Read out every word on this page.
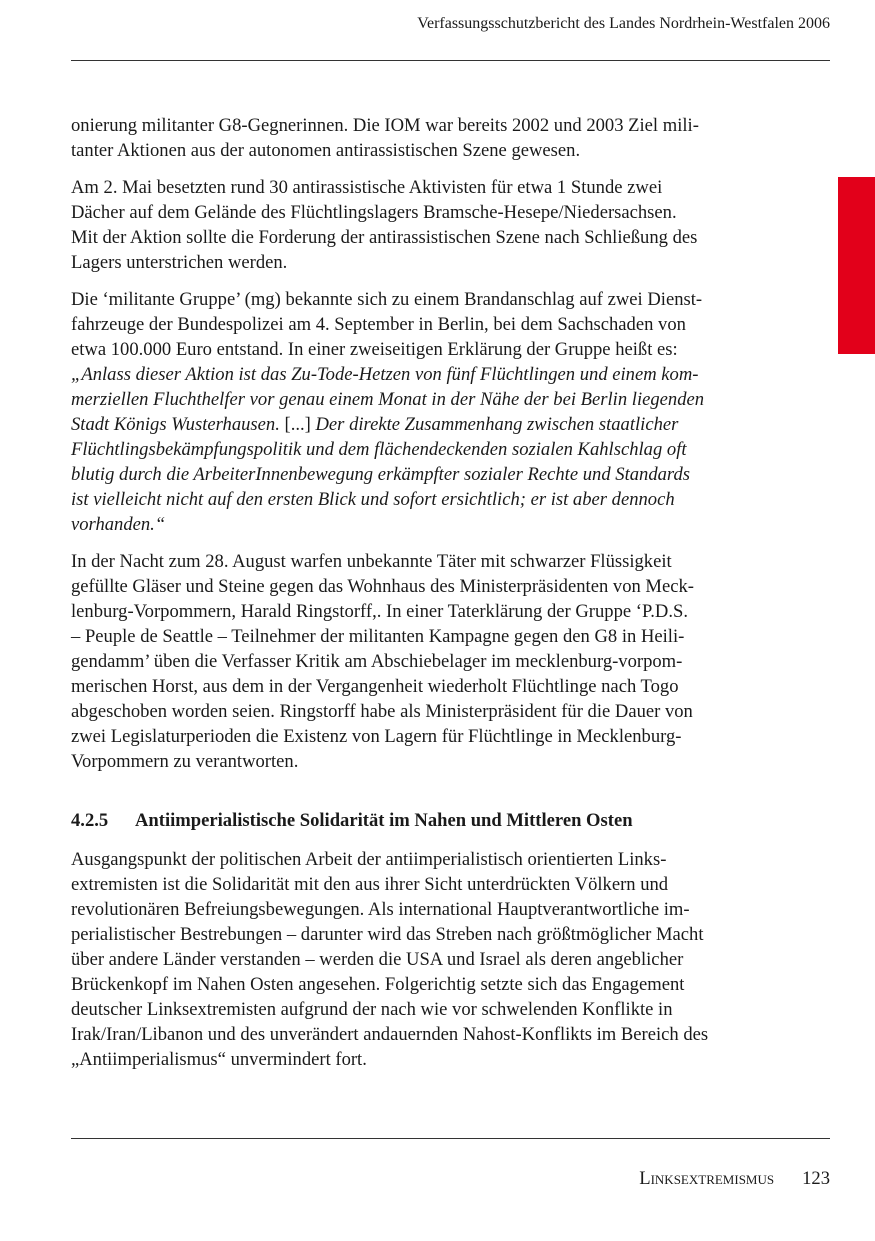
Verfassungsschutzbericht des Landes Nordrhein-Westfalen 2006

onierung militanter G8-Gegnerinnen. Die IOM war bereits 2002 und 2003 Ziel mili-
tanter Aktionen aus der autonomen antirassistischen Szene gewesen.

Am 2. Mai besetzten rund 30 antirassistische Aktivisten für etwa 1 Stunde zwei
Dächer auf dem Gelände des Flüchtlingslagers Bramsche-Hesepe/Niedersachsen.
Mit der Aktion sollte die Forderung der antirassistischen Szene nach Schließung des
Lagers unterstrichen werden.

Die ‘militante Gruppe’ (mg) bekannte sich zu einem Brandanschlag auf zwei Dienst-
fahrzeuge der Bundespolizei am 4. September in Berlin, bei dem Sachschaden von
etwa 100.000 Euro entstand. In einer zweiseitigen Erklärung der Gruppe heißt es:
„Anlass dieser Aktion ist das Zu-Tode-Hetzen von fünf Flüchtlingen und einem kom-
merziellen Fluchthelfer vor genau einem Monat in der Nähe der bei Berlin liegenden
Stadt Königs Wusterhausen. [...] Der direkte Zusammenhang zwischen staatlicher
Flüchtlingsbekämpfungspolitik und dem flächendeckenden sozialen Kahlschlag oft
blutig durch die ArbeiterInnenbewegung erkämpfter sozialer Rechte und Standards
ist vielleicht nicht auf den ersten Blick und sofort ersichtlich; er ist aber dennoch
vorhanden.“

In der Nacht zum 28. August warfen unbekannte Täter mit schwarzer Flüssigkeit
gefüllte Gläser und Steine gegen das Wohnhaus des Ministerpräsidenten von Meck-
lenburg-Vorpommern, Harald Ringstorff,. In einer Taterklärung der Gruppe ‘P.D.S.
– Peuple de Seattle – Teilnehmer der militanten Kampagne gegen den G8 in Heili-
gendamm’ üben die Verfasser Kritik am Abschiebelager im mecklenburg-vorpom-
merischen Horst, aus dem in der Vergangenheit wiederholt Flüchtlinge nach Togo
abgeschoben worden seien. Ringstorff habe als Ministerpräsident für die Dauer von
zwei Legislaturperioden die Existenz von Lagern für Flüchtlinge in Mecklenburg-
Vorpommern zu verantworten.

4.2.5 Antiimperialistische Solidarität im Nahen und Mittleren Osten

Ausgangspunkt der politischen Arbeit der antiimperialistisch orientierten Links-
extremisten ist die Solidarität mit den aus ihrer Sicht unterdrückten Völkern und
revolutionären Befreiungsbewegungen. Als international Hauptverantwortliche im-
perialistischer Bestrebungen – darunter wird das Streben nach größtmöglicher Macht
über andere Länder verstanden – werden die USA und Israel als deren angeblicher
Brückenkopf im Nahen Osten angesehen. Folgerichtig setzte sich das Engagement
deutscher Linksextremisten aufgrund der nach wie vor schwelenden Konflikte in
Irak/Iran/Libanon und des unverändert andauernden Nahost-Konflikts im Bereich des
„Antiimperialismus“ unvermindert fort.

Linksextremismus 123
